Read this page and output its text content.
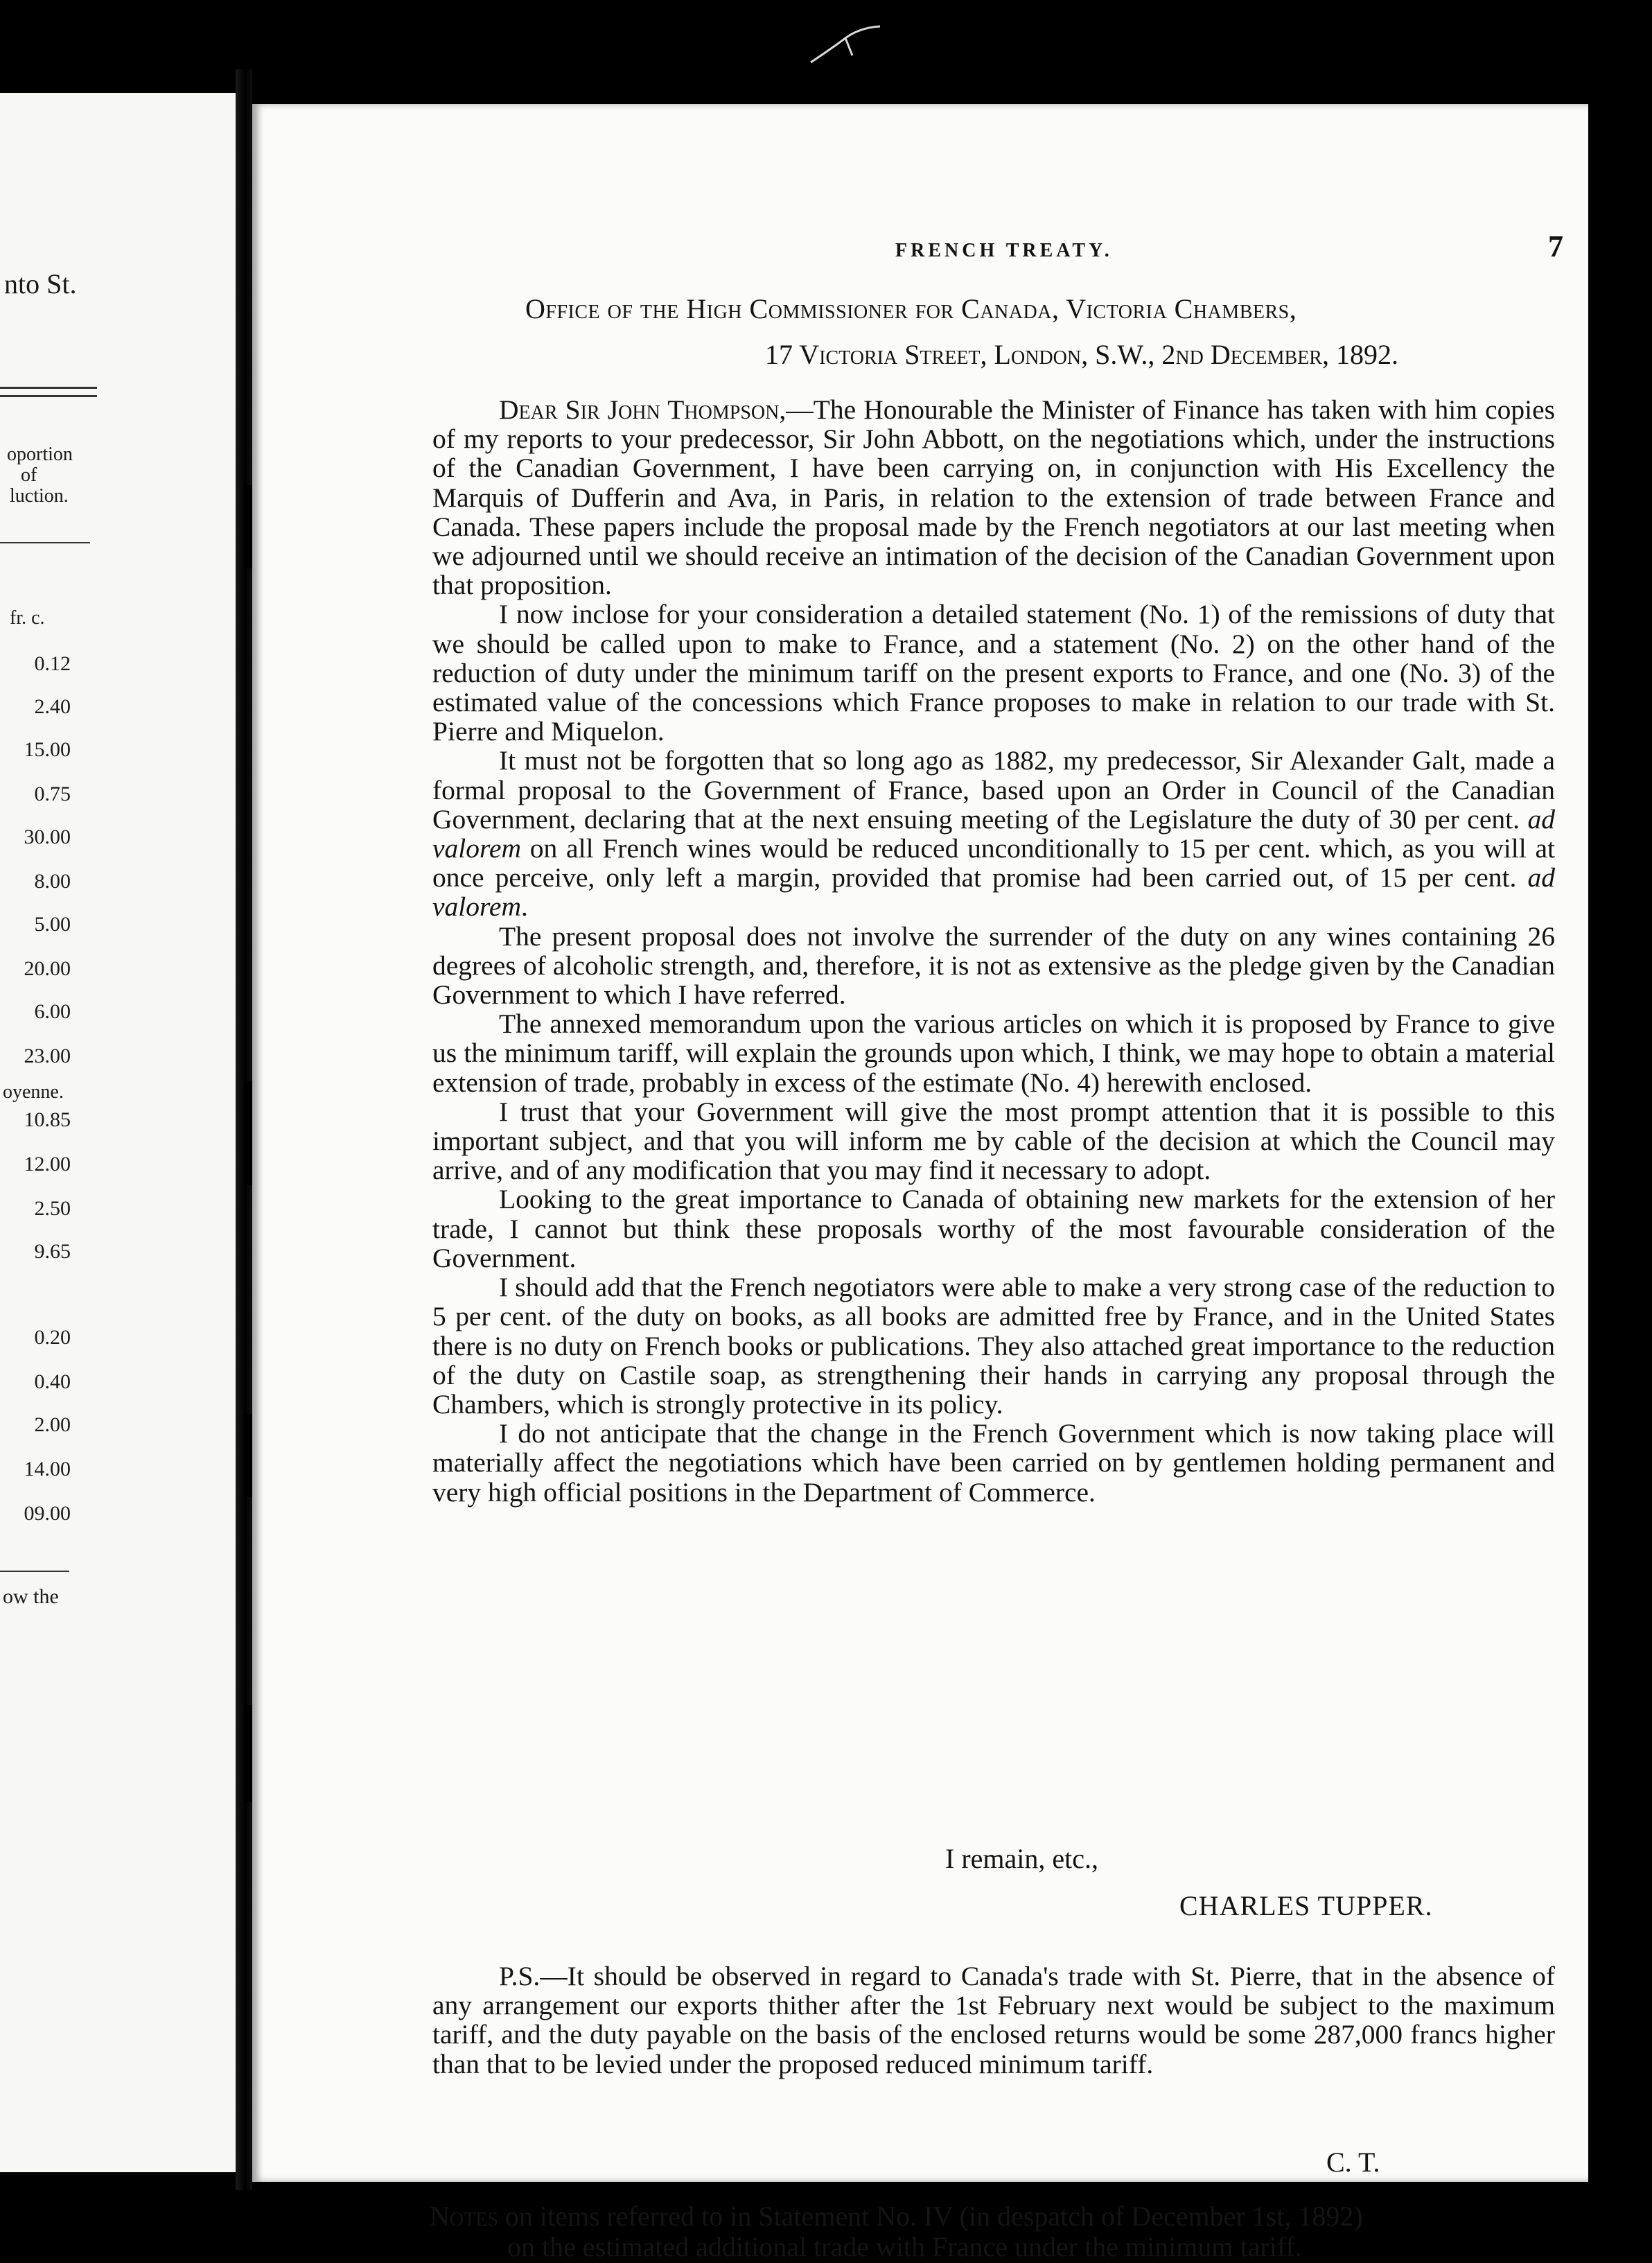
nto St.
oportion
of
luction.
fr. c.
0.12
2.40
15.00
0.75
30.00
8.00
5.00
20.00
6.00
23.00
oyenne.
10.85
12.00
2.50
9.65
0.20
0.40
2.00
14.00
09.00
ow the
FRENCH TREATY.	7
Office of the High Commissioner for Canada, Victoria Chambers,
17 Victoria Street, London, S.W., 2nd December, 1892.

Dear Sir John Thompson,—The Honourable the Minister of Finance has taken with him copies of my reports to your predecessor, Sir John Abbott, on the negotiations which, under the instructions of the Canadian Government, I have been carrying on, in conjunction with His Excellency the Marquis of Dufferin and Ava, in Paris, in relation to the extension of trade between France and Canada. These papers include the proposal made by the French negotiators at our last meeting when we adjourned until we should receive an intimation of the decision of the Canadian Government upon that proposition.

I now inclose for your consideration a detailed statement (No. 1) of the remissions of duty that we should be called upon to make to France, and a statement (No. 2) on the other hand of the reduction of duty under the minimum tariff on the present exports to France, and one (No. 3) of the estimated value of the concessions which France proposes to make in relation to our trade with St. Pierre and Miquelon.

It must not be forgotten that so long ago as 1882, my predecessor, Sir Alexander Galt, made a formal proposal to the Government of France, based upon an Order in Council of the Canadian Government, declaring that at the next ensuing meeting of the Legislature the duty of 30 per cent. ad valorem on all French wines would be reduced unconditionally to 15 per cent. which, as you will at once perceive, only left a margin, provided that promise had been carried out, of 15 per cent. ad valorem.

The present proposal does not involve the surrender of the duty on any wines containing 26 degrees of alcoholic strength, and, therefore, it is not as extensive as the pledge given by the Canadian Government to which I have referred.

The annexed memorandum upon the various articles on which it is proposed by France to give us the minimum tariff, will explain the grounds upon which, I think, we may hope to obtain a material extension of trade, probably in excess of the estimate (No. 4) herewith enclosed.

I trust that your Government will give the most prompt attention that it is possible to this important subject, and that you will inform me by cable of the decision at which the Council may arrive, and of any modification that you may find it necessary to adopt.

Looking to the great importance to Canada of obtaining new markets for the extension of her trade, I cannot but think these proposals worthy of the most favourable consideration of the Government.

I should add that the French negotiators were able to make a very strong case of the reduction to 5 per cent. of the duty on books, as all books are admitted free by France, and in the United States there is no duty on French books or publications. They also attached great importance to the reduction of the duty on Castile soap, as strengthening their hands in carrying any proposal through the Chambers, which is strongly protective in its policy.

I do not anticipate that the change in the French Government which is now taking place will materially affect the negotiations which have been carried on by gentlemen holding permanent and very high official positions in the Department of Commerce.

I remain, etc.,
CHARLES TUPPER.

P.S.—It should be observed in regard to Canada's trade with St. Pierre, that in the absence of any arrangement our exports thither after the 1st February next would be subject to the maximum tariff, and the duty payable on the basis of the enclosed returns would be some 287,000 francs higher than that to be levied under the proposed reduced minimum tariff.

C. T.
Notes on items referred to in Statement No. IV (in despatch of December 1st, 1892)
on the estimated additional trade with France under the minimum tariff.
